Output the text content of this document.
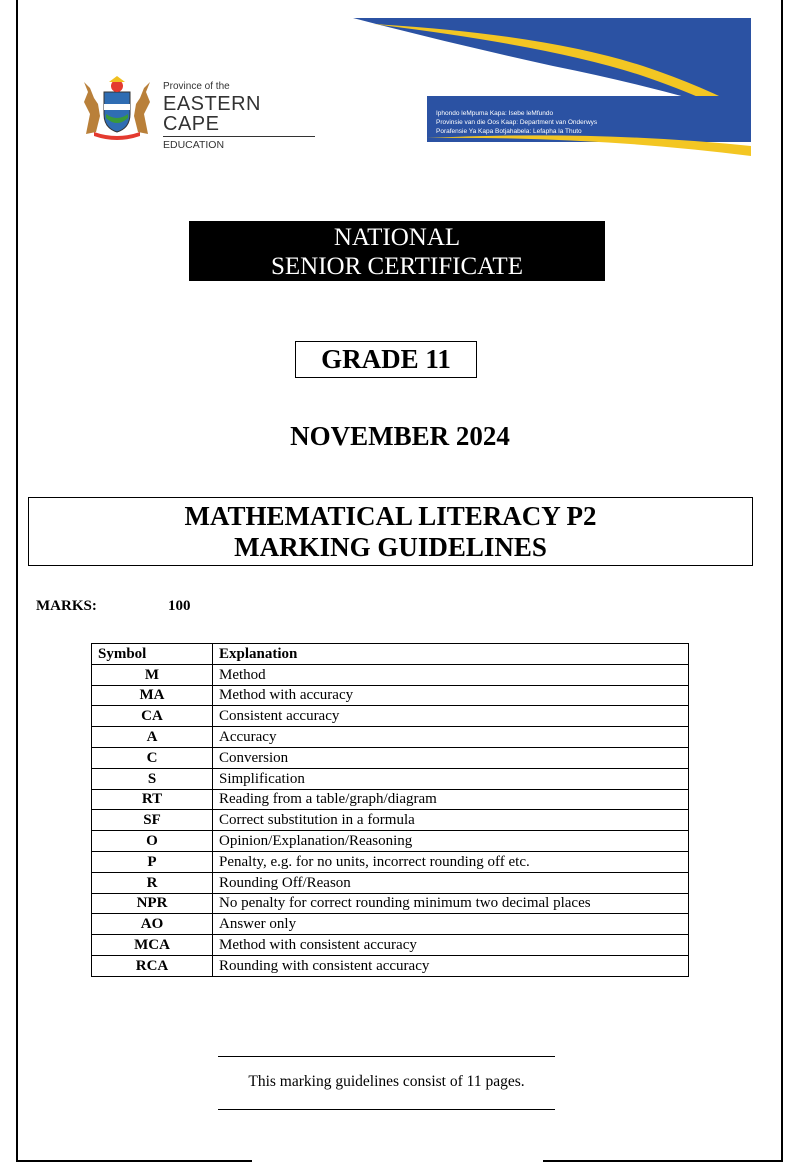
Province of the
EASTERN CAPE
EDUCATION
Iphondo leMpuma Kapa: Isebe leMfundo
Provinsie van die Oos Kaap: Department van Onderwys
Porafensie Ya Kapa Botjahabela: Lefapha la Thuto
NATIONAL
SENIOR CERTIFICATE
GRADE 11
NOVEMBER 2024
MATHEMATICAL LITERACY P2
MARKING GUIDELINES
MARKS:	100
Symbol	Explanation
M	Method
MA	Method with accuracy
CA	Consistent accuracy
A	Accuracy
C	Conversion
S	Simplification
RT	Reading from a table/graph/diagram
SF	Correct substitution in a formula
O	Opinion/Explanation/Reasoning
P	Penalty, e.g. for no units, incorrect rounding off etc.
R	Rounding Off/Reason
NPR	No penalty for correct rounding minimum two decimal places
AO	Answer only
MCA	Method with consistent accuracy
RCA	Rounding with consistent accuracy
This marking guidelines consist of 11 pages.
